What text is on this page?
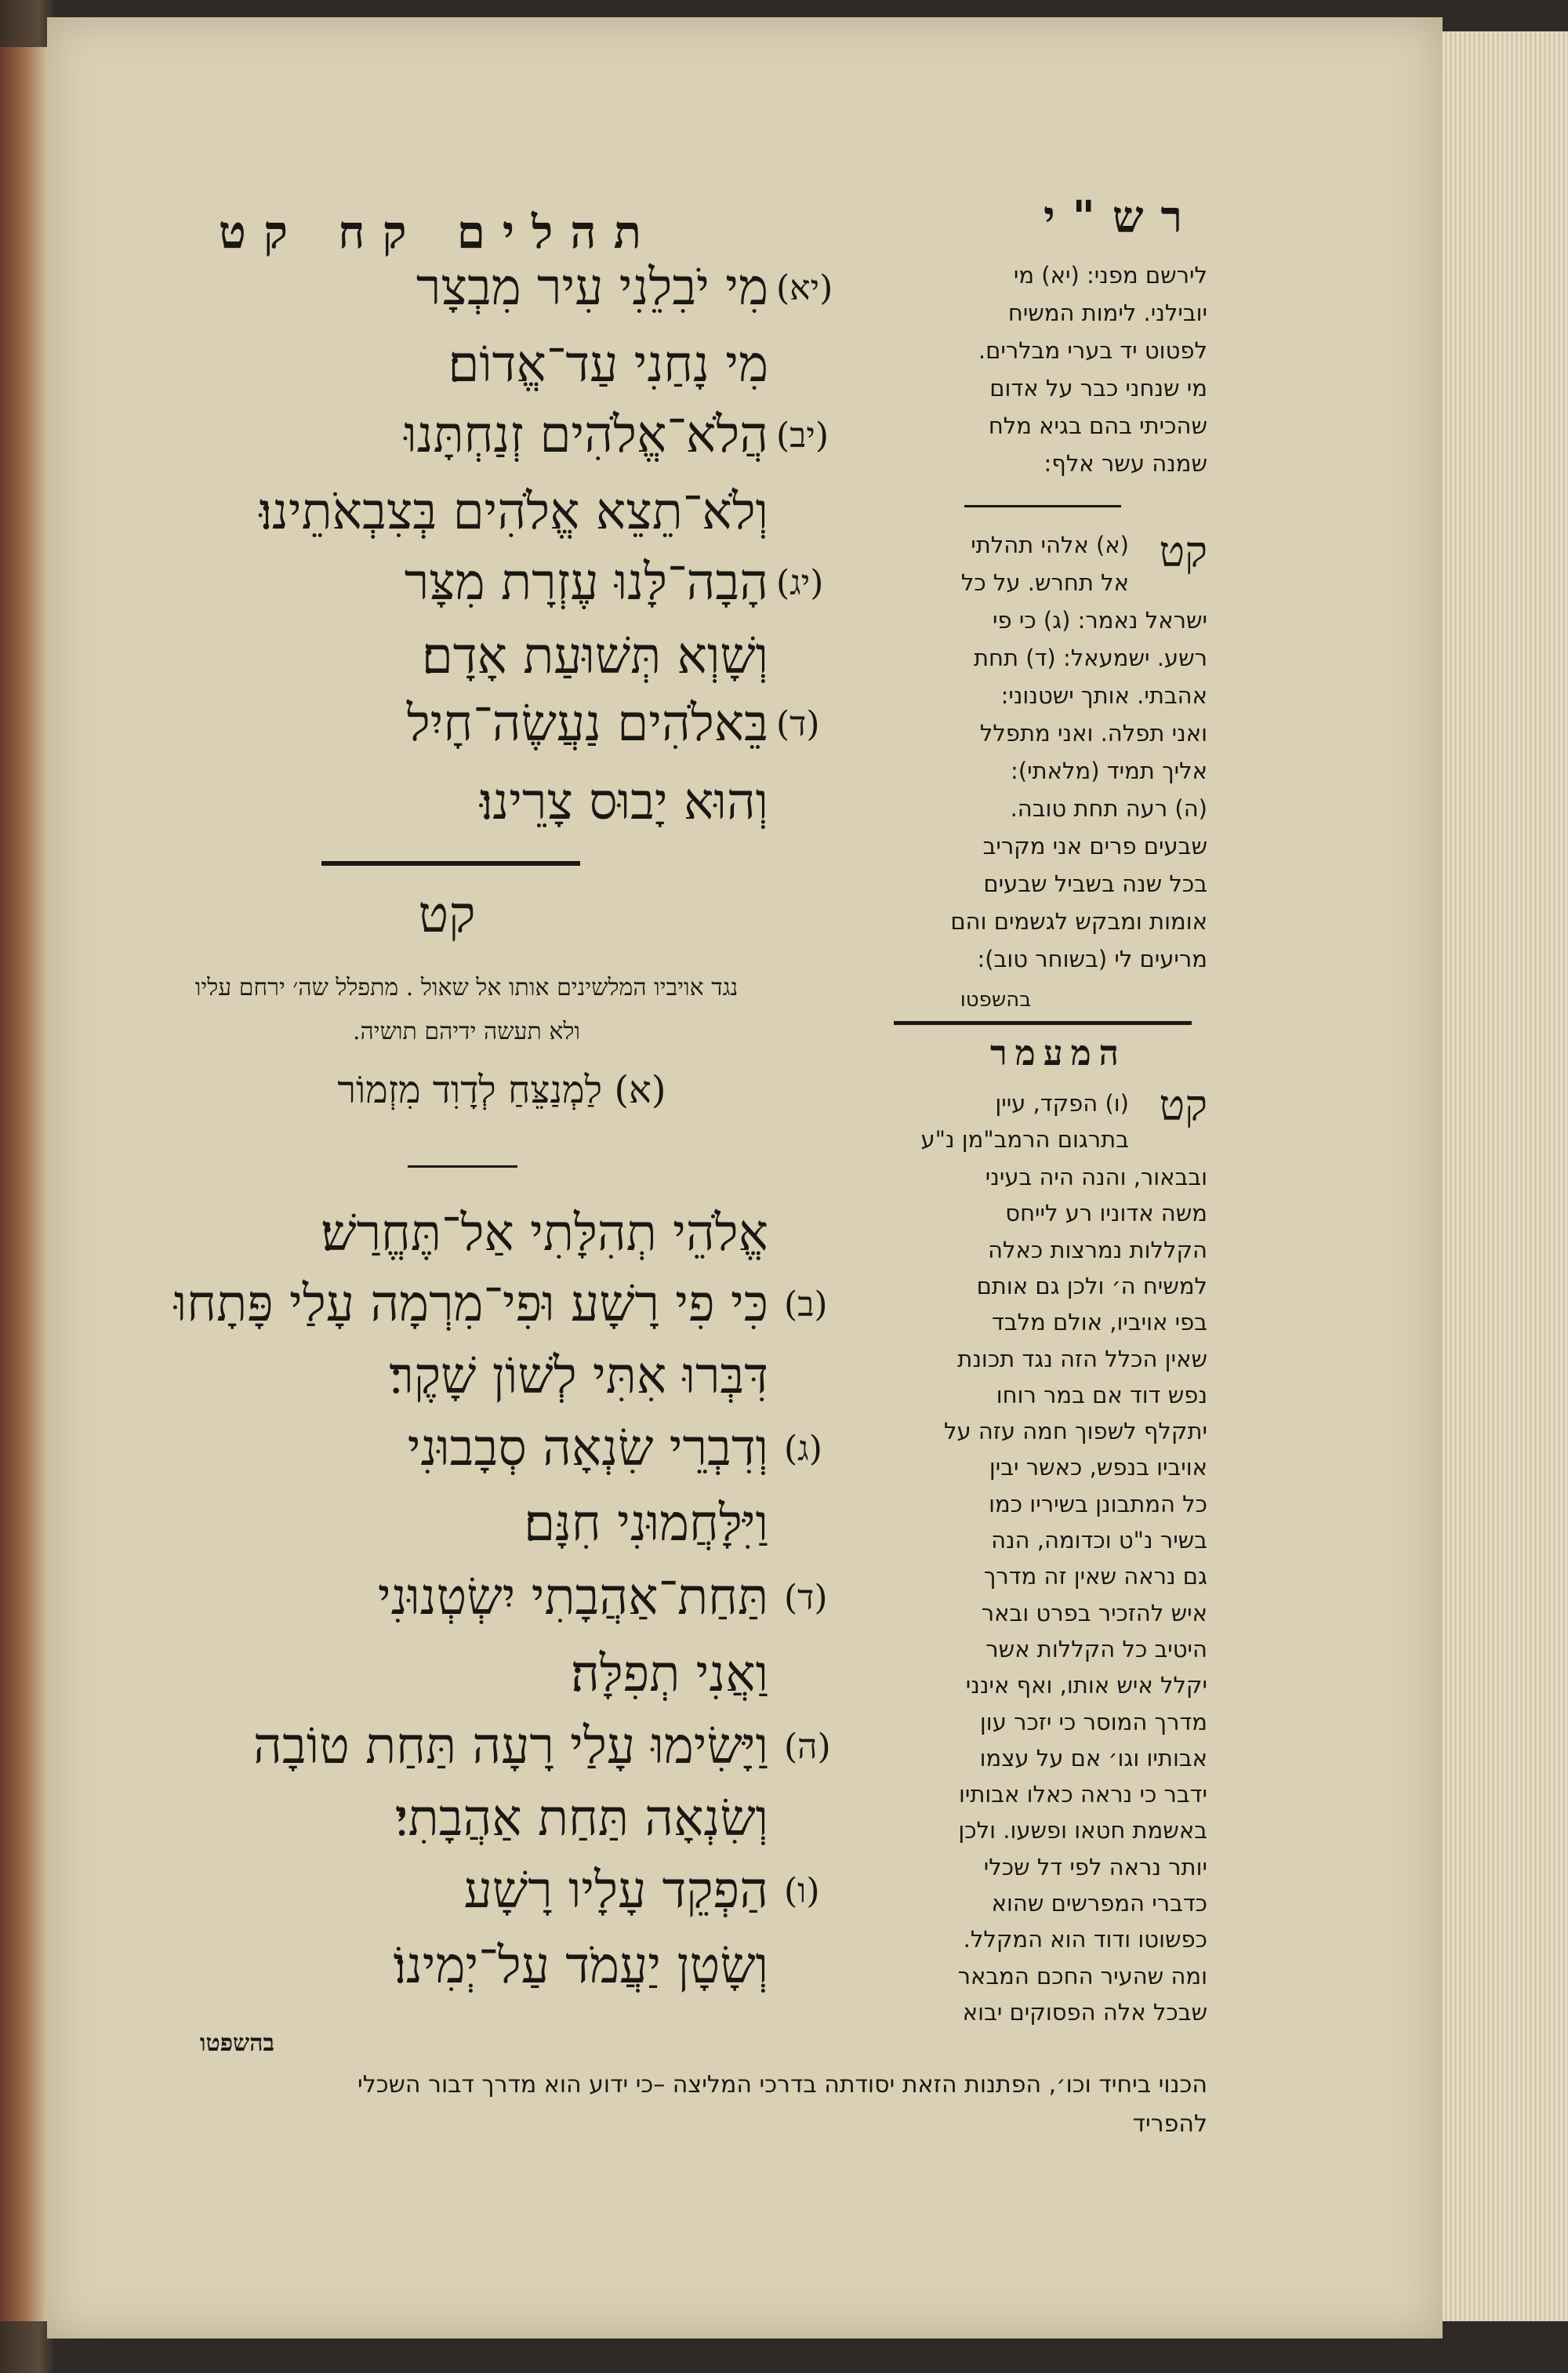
תהלים קח קט	רש"י
(יא)
מִי יֹבִלֵנִי עִיר מִבְצָר
מִי נָחַנִי עַד־אֱדוֹם׃
(יב)
הֲלֹא־אֱלֹהִים זְנַחְתָּנוּ
וְלֹא־תֵצֵא אֱלֹהִים בְּצִבְאֹתֵינוּ׃
(יג)
הָבָה־לָּנוּ עֶזְרָת מִצָּר
וְשָׁוְא תְּשׁוּעַת אָדָם׃
(ד)
בֵּאלֹהִים נַעֲשֶׂה־חָיִל
וְהוּא יָבוּס צָרֵינוּ׃
קט
נגד אויביו המלשינים אותו אל שאול . מתפלל שה׳ ירחם עליו
ולא תעשה ידיהם תושיה.
(א) לַמְנַצֵּחַ לְדָוִד מִזְמוֹר
אֱלֹהֵי תְהִלָּתִי אַל־תֶּחֱרַשׁ׃
(ב)
כִּי פִי רָשָׁע וּפִי־מִרְמָה עָלַי פָּתָחוּ
דִּבְּרוּ אִתִּי לְשׁוֹן שָׁקֶר׃
(ג)
וְדִבְרֵי שִׂנְאָה סְבָבוּנִי
וַיִּלָּחֲמוּנִי חִנָּם׃
(ד)
תַּחַת־אַהֲבָתִי יִשְׂטְנוּנִי
וַאֲנִי תְפִלָּה׃
(ה)
וַיָּשִׂימוּ עָלַי רָעָה תַּחַת טוֹבָה
וְשִׂנְאָה תַּחַת אַהֲבָתִי׃
(ו)
הַפְקֵד עָלָיו רָשָׁע
וְשָׂטָן יַעֲמֹד עַל־יְמִינוֹ׃
בהשפטו
לירשם מפני: (יא) מי
יובילני. לימות המשיח
לפטוט יד בערי מבלרים.
מי שנחני כבר על אדום
שהכיתי בהם בגיא מלח
שמנה עשר אלף:
קט
(א) אלהי תהלתי
אל תחרש. על כל
ישראל נאמר: (ג) כי פי
רשע. ישמעאל: (ד) תחת
אהבתי. אותך ישטנוני:
ואני תפלה. ואני מתפלל
אליך תמיד (מלאתי):
(ה) רעה תחת טובה.
שבעים פרים אני מקריב
בכל שנה בשביל שבעים
אומות ומבקש לגשמים והם
מריעים לי (בשוחר טוב):
בהשפטו
המעמר
קט
(ו) הפקד, עיין
בתרגום הרמב"מן נ"ע
ובבאור, והנה היה בעיני
משה אדוניו רע לייחס
הקללות נמרצות כאלה
למשיח ה׳ ולכן גם אותם
בפי אויביו, אולם מלבד
שאין הכלל הזה נגד תכונת
נפש דוד אם במר רוחו
יתקלף לשפוך חמה עזה על
אויביו בנפש, כאשר יבין
כל המתבונן בשיריו כמו
בשיר נ"ט וכדומה, הנה
גם נראה שאין זה מדרך
איש להזכיר בפרט ובאר
היטיב כל הקללות אשר
יקלל איש אותו, ואף אינני
מדרך המוסר כי יזכר עון
אבותיו וגו׳ אם על עצמו
ידבר כי נראה כאלו אבותיו
באשמת חטאו ופשעו. ולכן
יותר נראה לפי דל שכלי
כדברי המפרשים שהוא
כפשוטו ודוד הוא המקלל.
ומה שהעיר החכם המבאר
שבכל אלה הפסוקים יבוא
הכנוי ביחיד וכו׳, הפתנות הזאת יסודתה בדרכי המליצה –כי ידוע הוא מדרך דבור השכלי
להפריד
